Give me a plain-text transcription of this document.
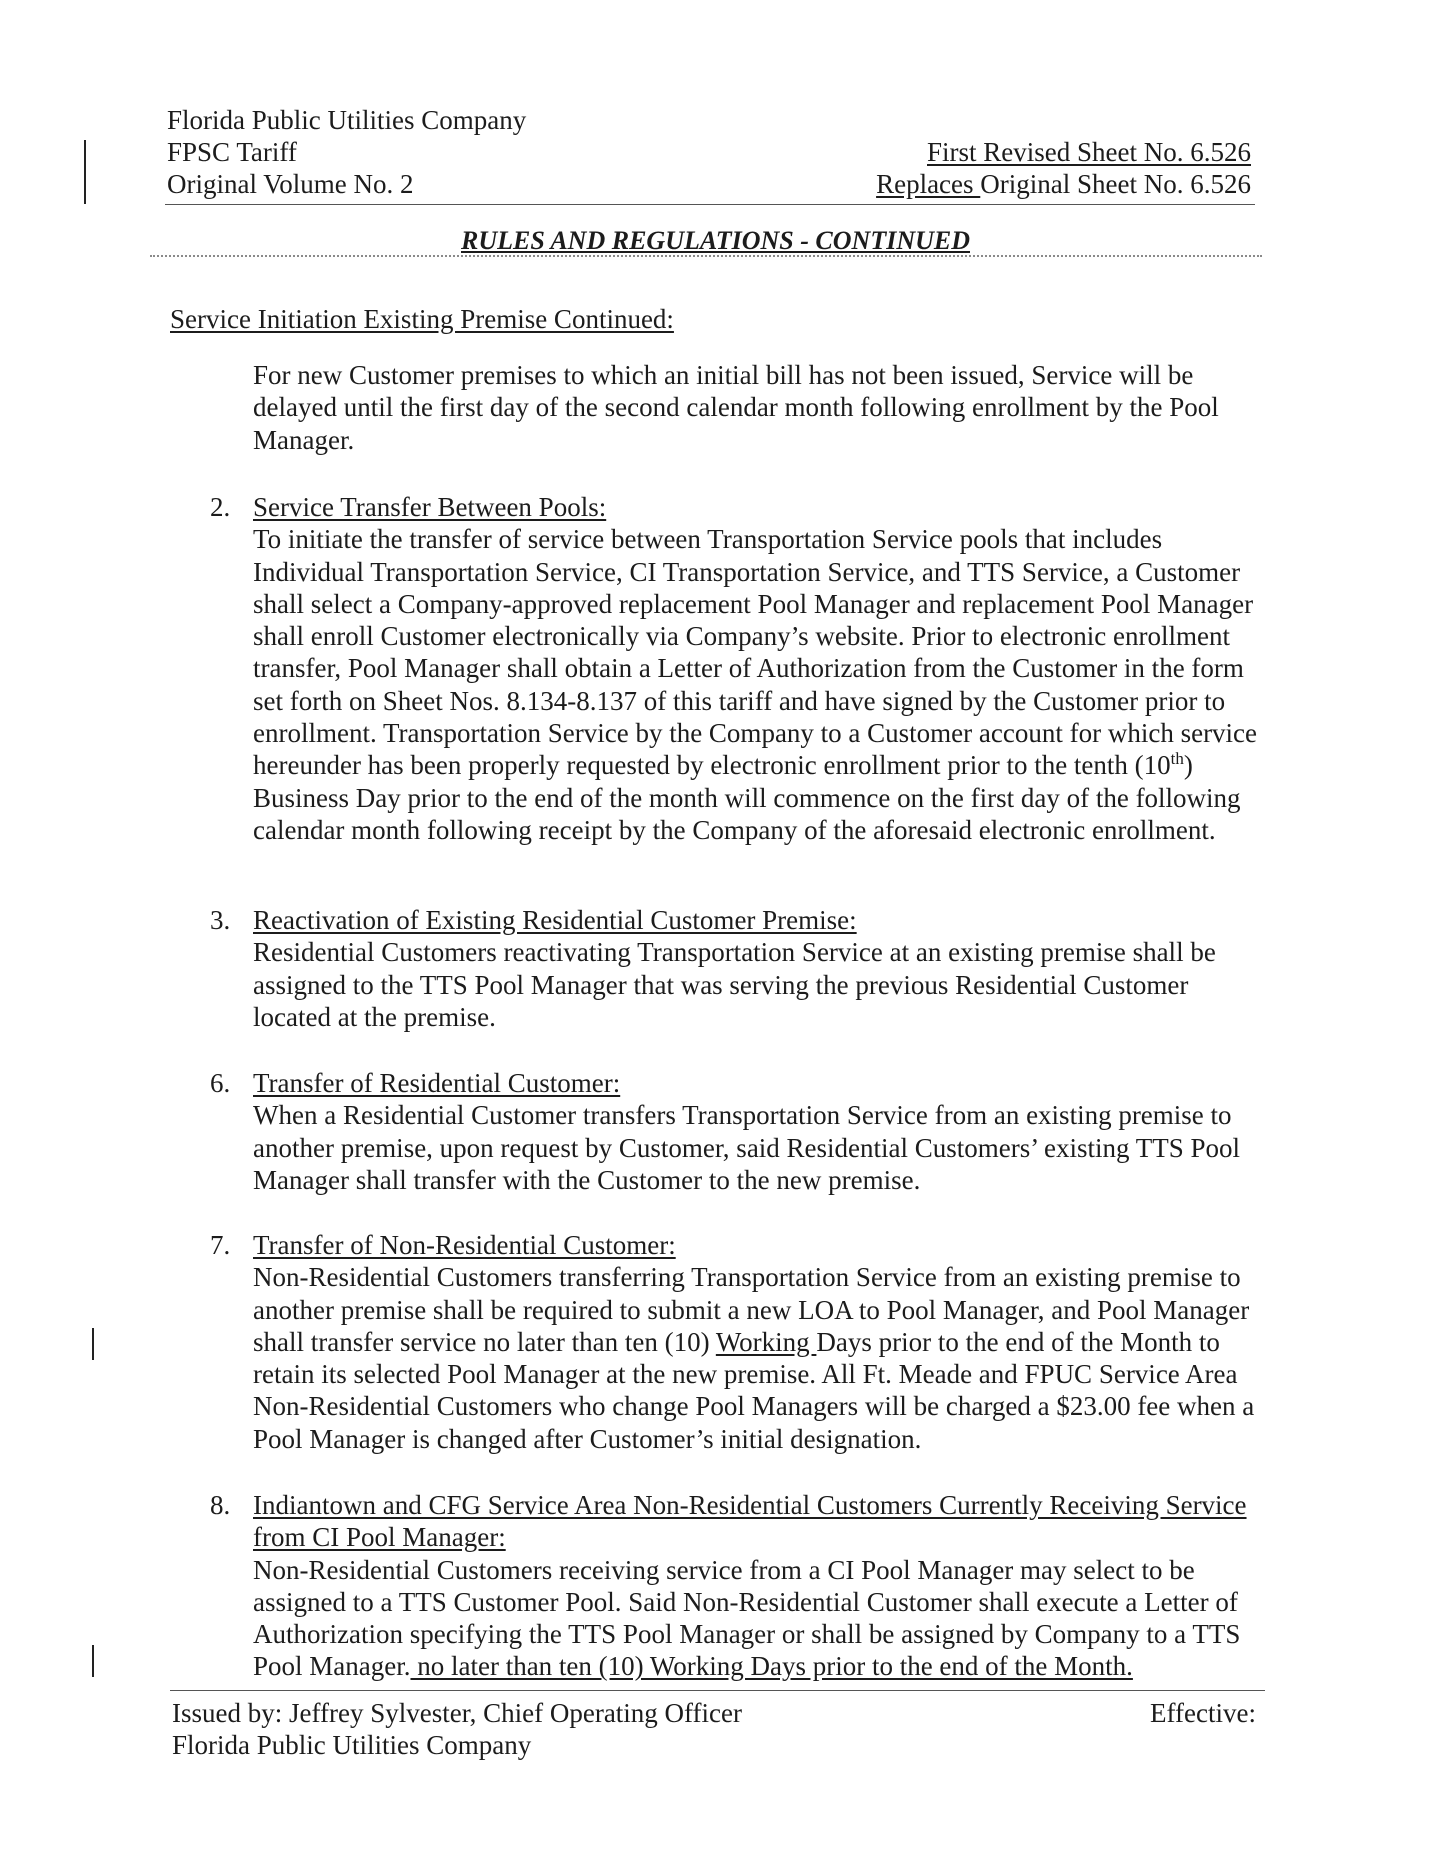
Florida Public Utilities Company
FPSC Tariff
Original Volume No. 2
First Revised Sheet No. 6.526
Replaces Original Sheet No. 6.526
RULES AND REGULATIONS - CONTINUED
Service Initiation Existing Premise Continued:

For new Customer premises to which an initial bill has not been issued, Service will be delayed until the first day of the second calendar month following enrollment by the Pool Manager.

2. Service Transfer Between Pools:
To initiate the transfer of service between Transportation Service pools that includes Individual Transportation Service, CI Transportation Service, and TTS Service, a Customer shall select a Company-approved replacement Pool Manager and replacement Pool Manager shall enroll Customer electronically via Company’s website. Prior to electronic enrollment transfer, Pool Manager shall obtain a Letter of Authorization from the Customer in the form set forth on Sheet Nos. 8.134-8.137 of this tariff and have signed by the Customer prior to enrollment. Transportation Service by the Company to a Customer account for which service hereunder has been properly requested by electronic enrollment prior to the tenth (10th) Business Day prior to the end of the month will commence on the first day of the following calendar month following receipt by the Company of the aforesaid electronic enrollment.
3. Reactivation of Existing Residential Customer Premise:
Residential Customers reactivating Transportation Service at an existing premise shall be assigned to the TTS Pool Manager that was serving the previous Residential Customer located at the premise.
6. Transfer of Residential Customer:
When a Residential Customer transfers Transportation Service from an existing premise to another premise, upon request by Customer, said Residential Customers’ existing TTS Pool Manager shall transfer with the Customer to the new premise.
7. Transfer of Non-Residential Customer:
Non-Residential Customers transferring Transportation Service from an existing premise to another premise shall be required to submit a new LOA to Pool Manager, and Pool Manager shall transfer service no later than ten (10) Working Days prior to the end of the Month to retain its selected Pool Manager at the new premise. All Ft. Meade and FPUC Service Area Non-Residential Customers who change Pool Managers will be charged a $23.00 fee when a Pool Manager is changed after Customer’s initial designation.
8. Indiantown and CFG Service Area Non-Residential Customers Currently Receiving Service from CI Pool Manager:
Non-Residential Customers receiving service from a CI Pool Manager may select to be assigned to a TTS Customer Pool. Said Non-Residential Customer shall execute a Letter of Authorization specifying the TTS Pool Manager or shall be assigned by Company to a TTS Pool Manager. no later than ten (10) Working Days prior to the end of the Month.
Issued by: Jeffrey Sylvester, Chief Operating Officer
Florida Public Utilities Company
Effective:
